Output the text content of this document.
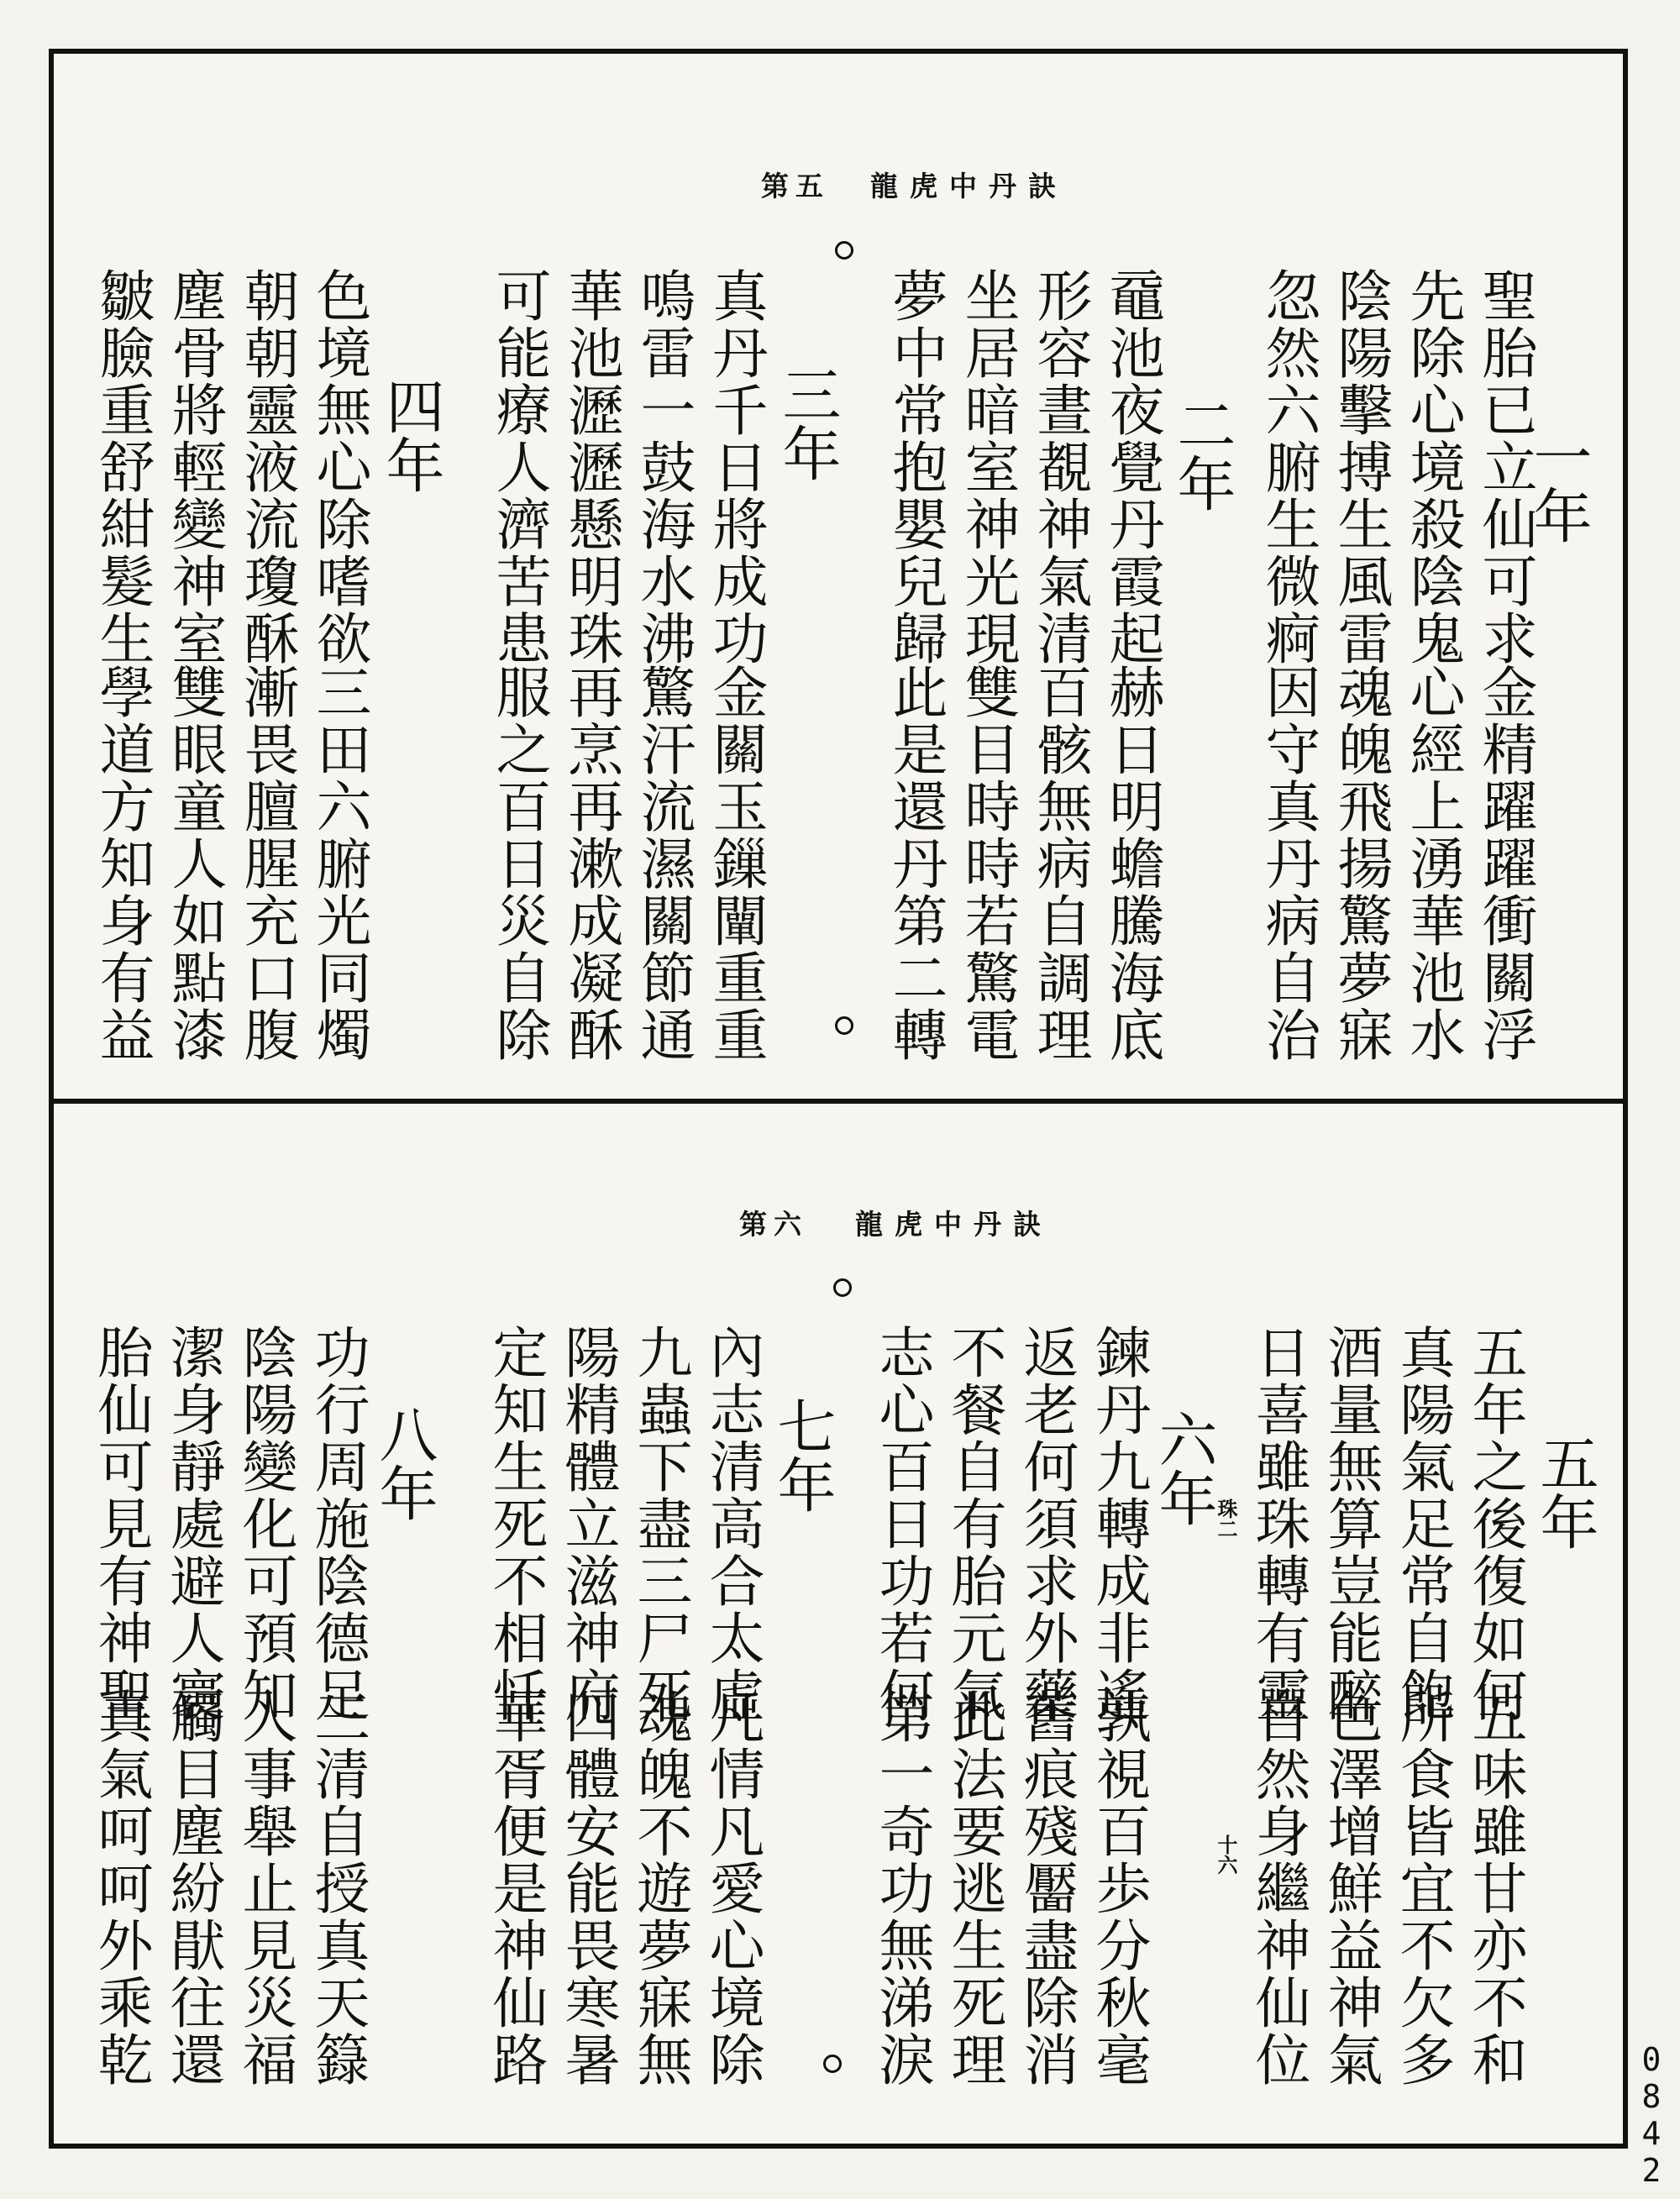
第五 龍虎中丹訣
一年
聖胎已立仙可求
金精躍躍衝關浮
先除心境殺陰鬼
心經上湧華池水
陰陽擊搏生風雷
魂魄飛揚驚夢寐
忽然六腑生微痾
因守真丹病自治
二年
黿池夜覺丹霞起
赫日明蟾騰海底
形容晝覩神氣清
百骸無病自調理
坐居暗室神光現
雙目時時若驚電
夢中常抱嬰兒歸
此是還丹第二轉
三年
真丹千日將成功
金關玉鏁闡重重
鳴雷一鼓海水沸
驚汗流濕關節通
華池瀝瀝懸明珠
再烹再漱成凝酥
可能療人濟苦患
服之百日災自除
四年
色境無心除嗜欲
三田六腑光同燭
朝朝靈液流瓊酥
漸畏膻腥充口腹
塵骨將輕變神室
雙眼童人如點漆
皺臉重舒紺髮生
學道方知身有益
第六 龍虎中丹訣
五年
五年之後復如何
五味雖甘亦不和
真陽氣足常自飽
所食皆宜不欠多
酒量無算豈能醉
色澤增鮮益神氣
日喜雖珠轉有靈
自然身繼神仙位
十六
珠二
六年
鍊丹九轉成非遙
孰視百歩分秋毫
返老何須求外藥
舊痕殘靨盡除消
不餐自有胎元氣
此法要逃生死理
志心百日功若何
第一奇功無涕淚
七年
內志清高合太虛
凡情凡愛心境除
九蟲下盡三尸死
魂魄不遊夢寐無
陽精體立滋神府
四體安能畏寒暑
定知生死不相忏
華胥便是神仙路
八年
功行周施陰德足
三清自授真天籙
陰陽變化可預知
人事舉止見災福
潔身靜處避人寰
觸目塵紛猒往還
胎仙可見有神聖
真氣呵呵外乘乾
0842
